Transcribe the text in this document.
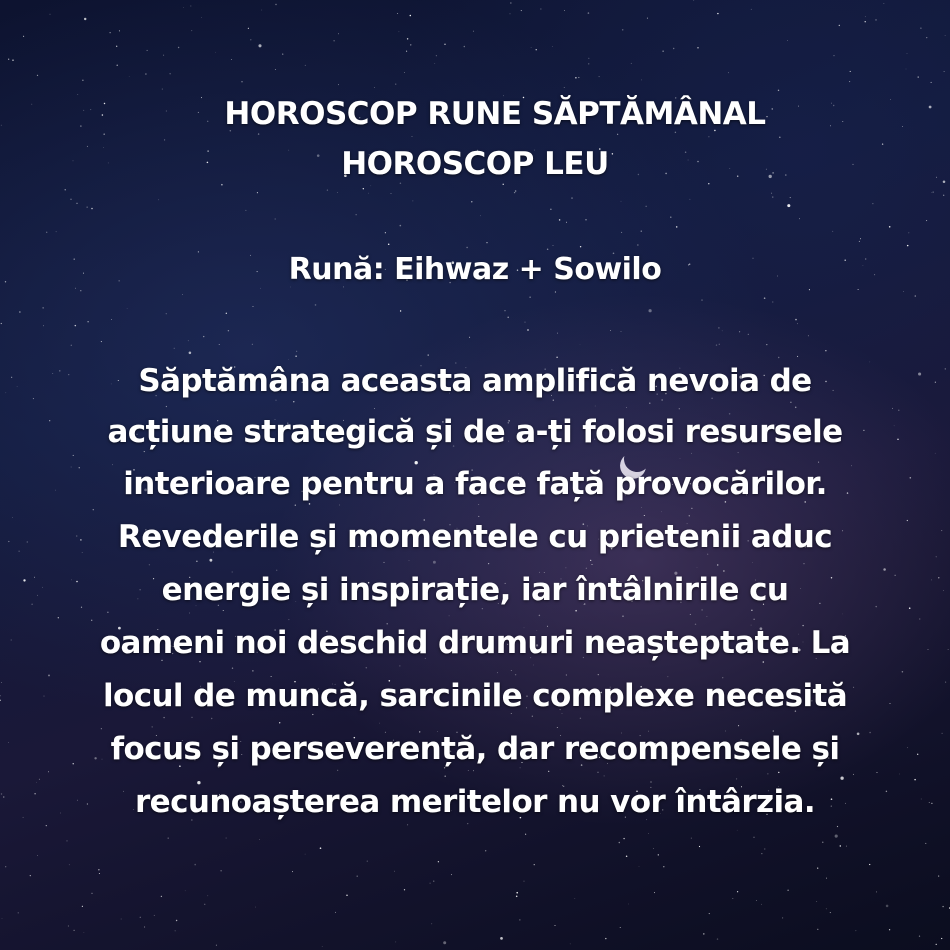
HOROSCOP RUNE SĂPTĂMÂNAL
HOROSCOP LEU
Rună: Eihwaz + Sowilo
Săptămâna aceasta amplifică nevoia de
acțiune strategică și de a-ți folosi resursele
interioare pentru a face față provocărilor.
Revederile și momentele cu prietenii aduc
energie și inspirație, iar întâlnirile cu
oameni noi deschid drumuri neașteptate. La
locul de muncă, sarcinile complexe necesită
focus și perseverență, dar recompensele și
recunoașterea meritelor nu vor întârzia.
